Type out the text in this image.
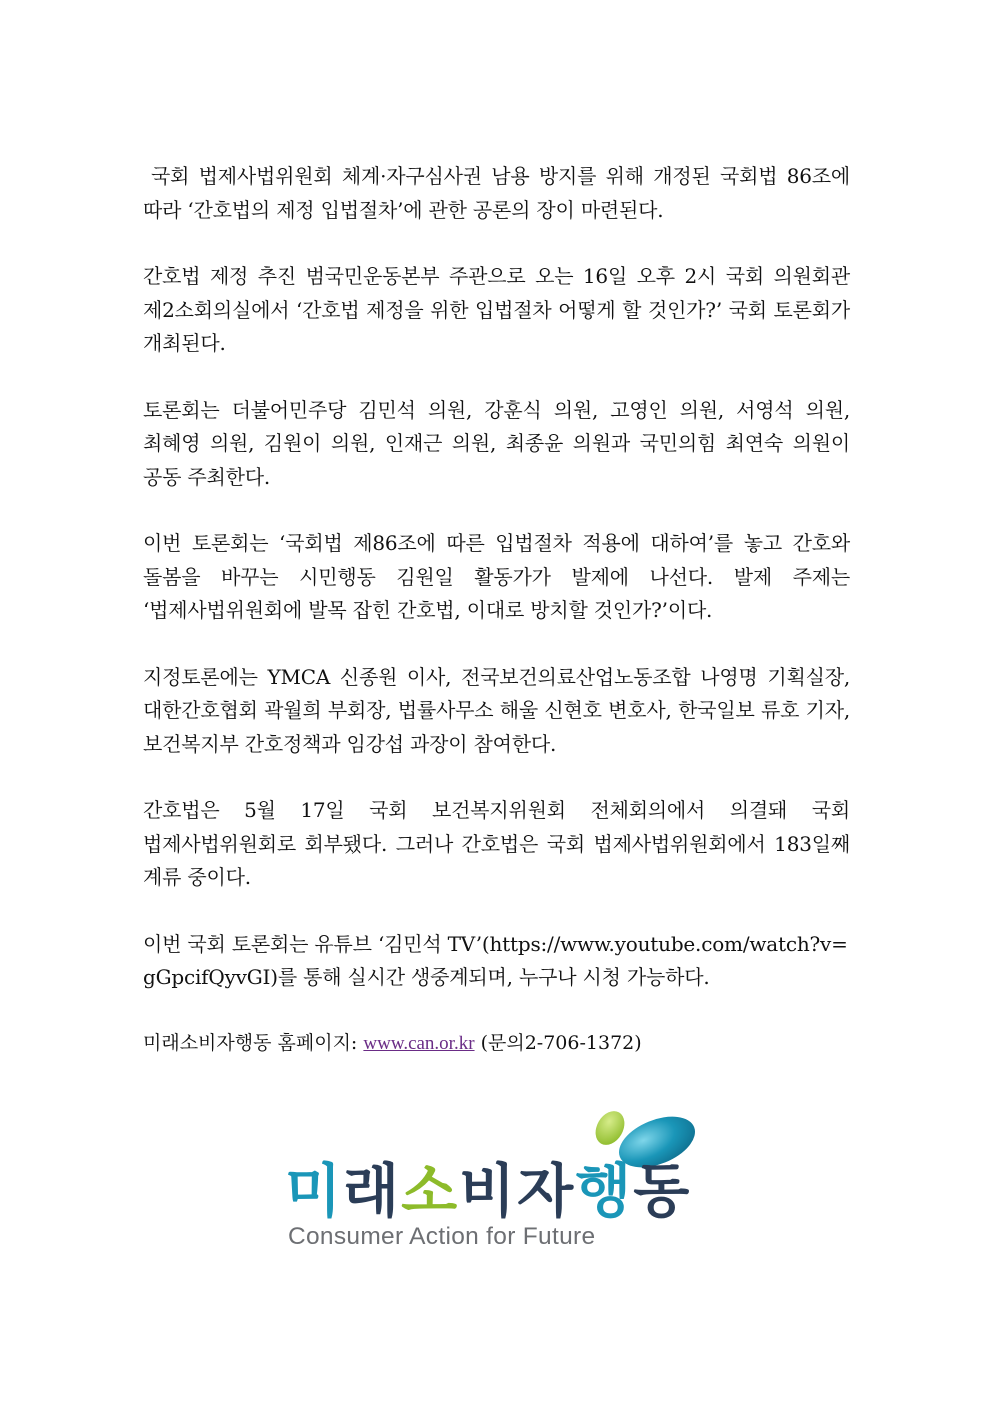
국회 법제사법위원회 체계·자구심사권 남용 방지를 위해 개정된 국회법 86조에 따라 ‘간호법의 제정 입법절차’에 관한 공론의 장이 마련된다.

간호법 제정 추진 범국민운동본부 주관으로 오는 16일 오후 2시 국회 의원회관 제2소회의실에서 ‘간호법 제정을 위한 입법절차 어떻게 할 것인가?’ 국회 토론회가 개최된다.

토론회는 더불어민주당 김민석 의원, 강훈식 의원, 고영인 의원, 서영석 의원, 최혜영 의원, 김원이 의원, 인재근 의원, 최종윤 의원과 국민의힘 최연숙 의원이 공동 주최한다.

이번 토론회는 ‘국회법 제86조에 따른 입법절차 적용에 대하여’를 놓고 간호와 돌봄을 바꾸는 시민행동 김원일 활동가가 발제에 나선다. 발제 주제는 ‘법제사법위원회에 발목 잡힌 간호법, 이대로 방치할 것인가?’이다.

지정토론에는 YMCA 신종원 이사, 전국보건의료산업노동조합 나영명 기획실장, 대한간호협회 곽월희 부회장, 법률사무소 해울 신현호 변호사, 한국일보 류호 기자, 보건복지부 간호정책과 임강섭 과장이 참여한다.

간호법은 5월 17일 국회 보건복지위원회 전체회의에서 의결돼 국회 법제사법위원회로 회부됐다. 그러나 간호법은 국회 법제사법위원회에서 183일째 계류 중이다.

이번 국회 토론회는 유튜브 ‘김민석 TV’(https://www.youtube.com/watch?v=gGpcifQyvGI)를 통해 실시간 생중계되며, 누구나 시청 가능하다.

미래소비자행동 홈페이지: www.can.or.kr (문의2-706-1372)

미래소비자행동
Consumer Action for Future
